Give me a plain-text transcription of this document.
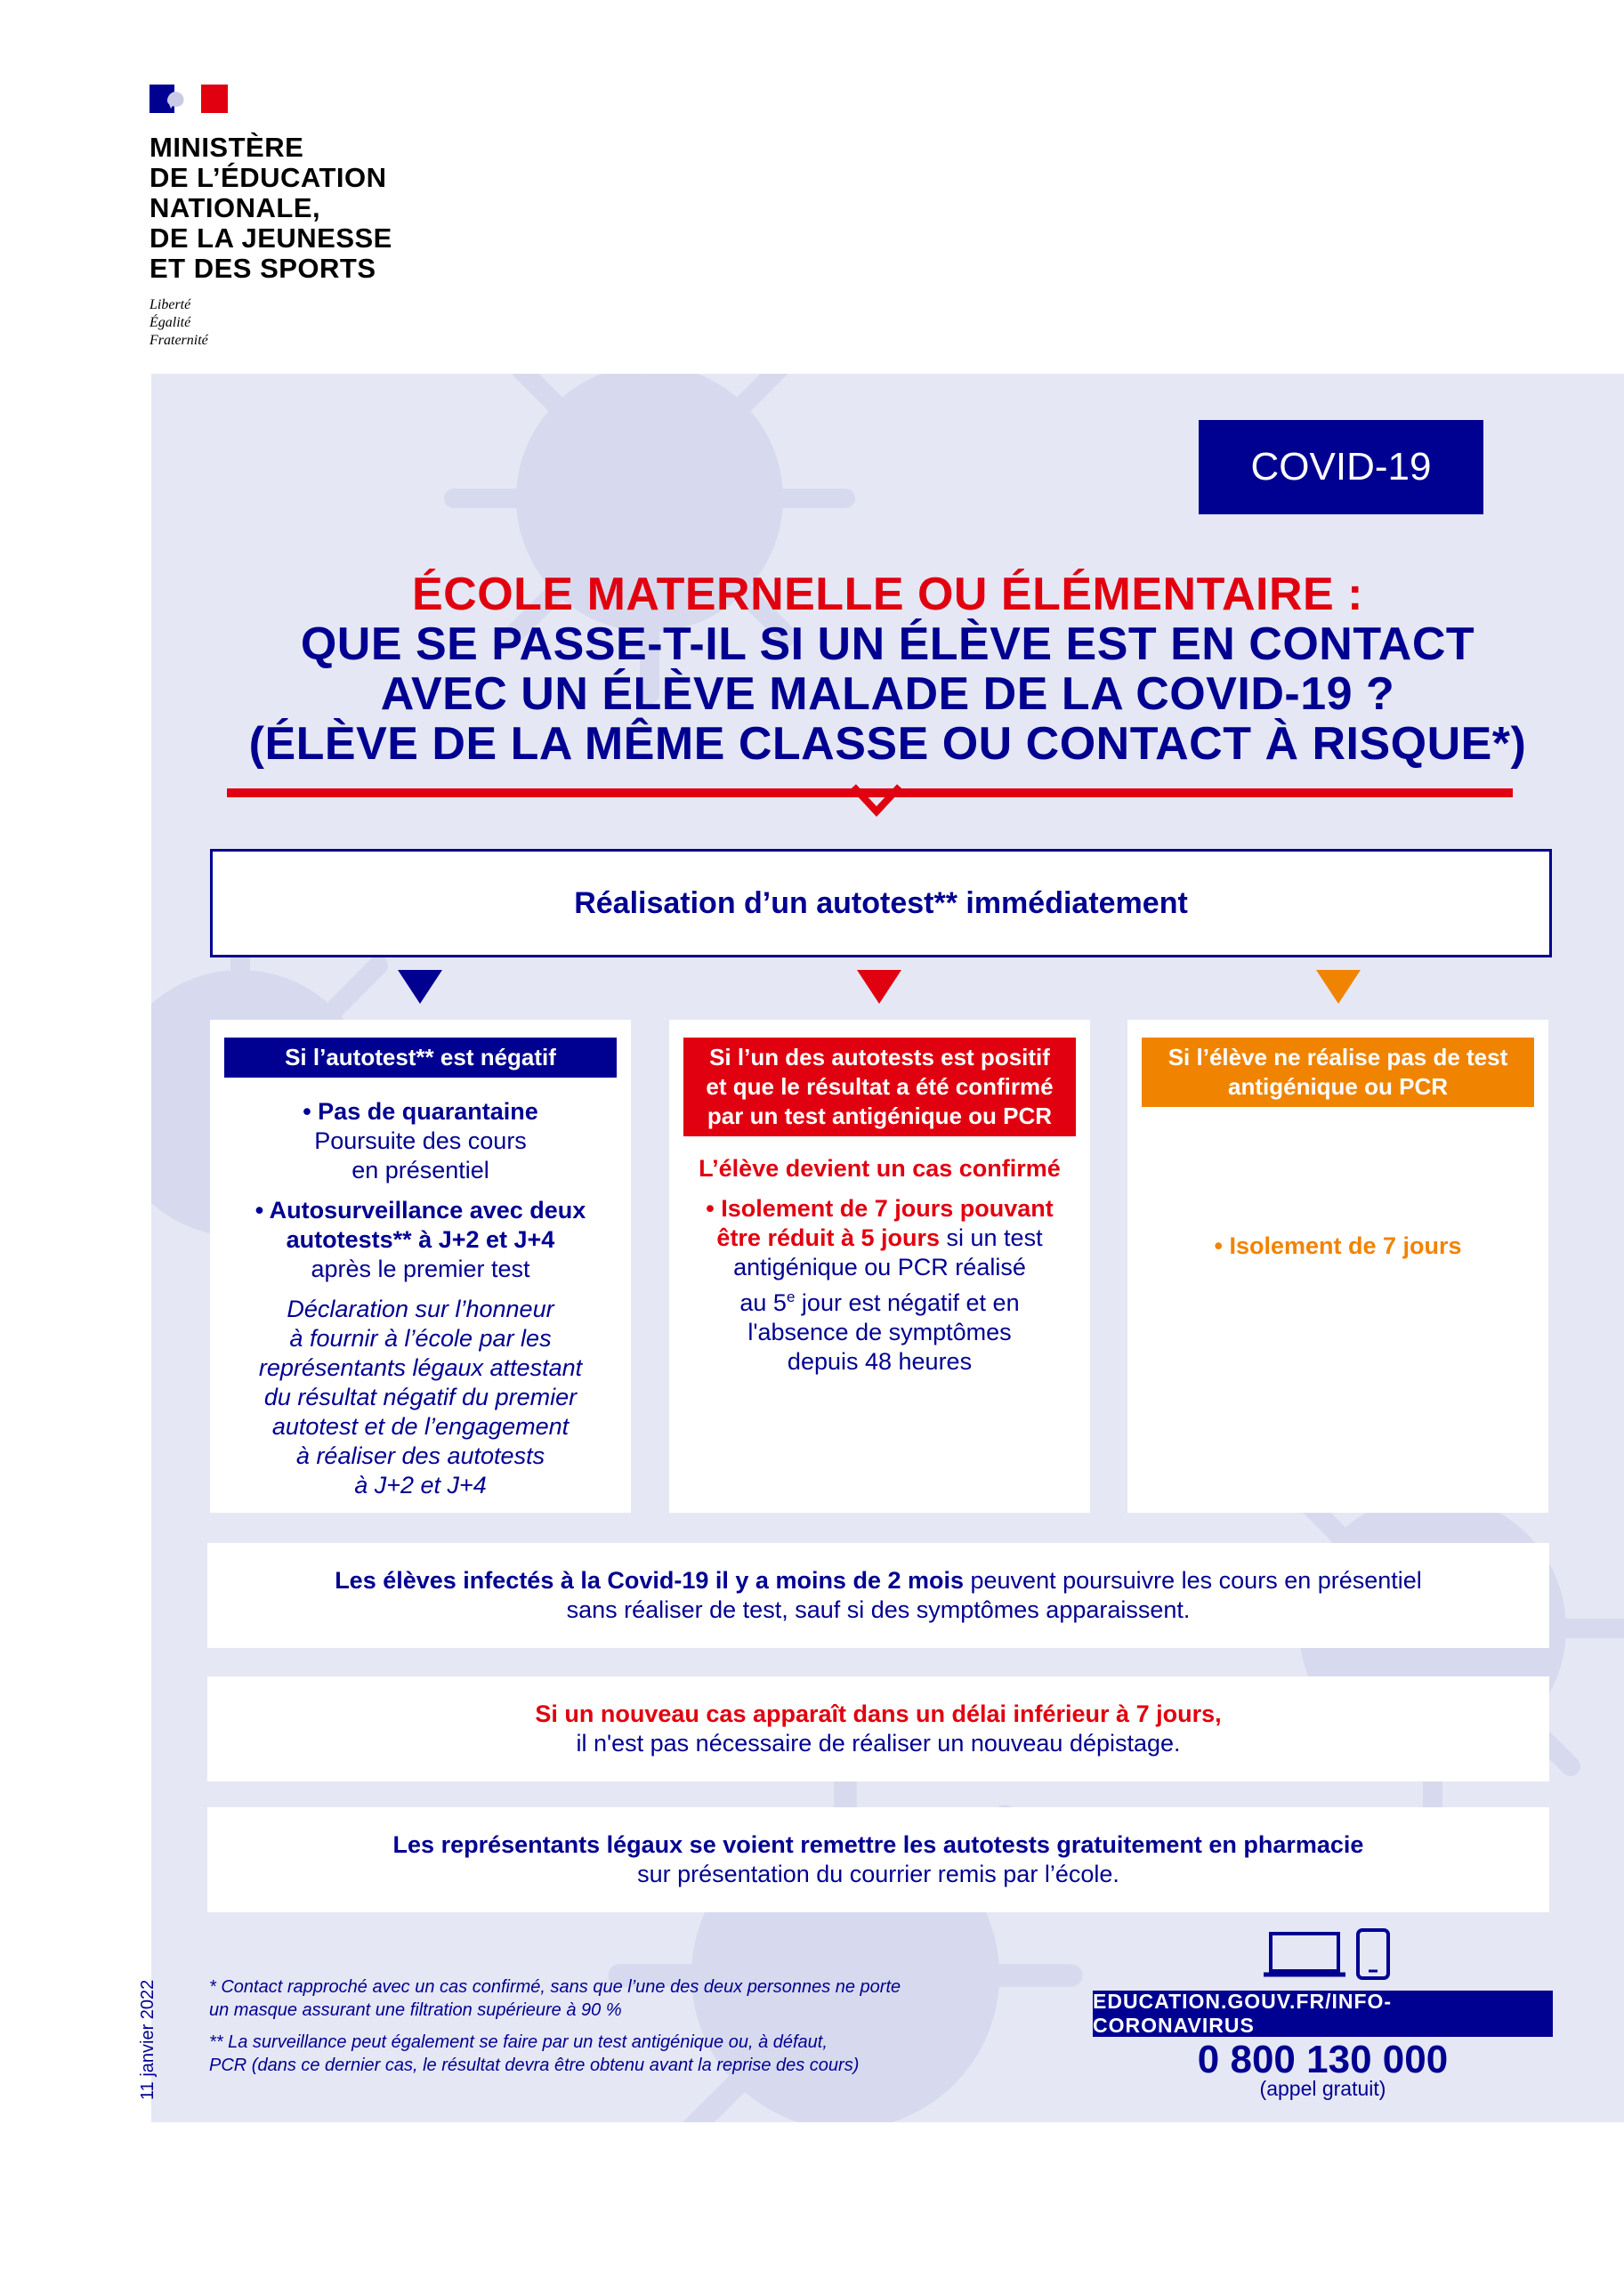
MINISTÈRE
DE L’ÉDUCATION
NATIONALE,
DE LA JEUNESSE
ET DES SPORTS
Liberté
Égalité
Fraternité
COVID-19
ÉCOLE MATERNELLE OU ÉLÉMENTAIRE :
QUE SE PASSE-T-IL SI UN ÉLÈVE EST EN CONTACT
AVEC UN ÉLÈVE MALADE DE LA COVID-19 ?
(ÉLÈVE DE LA MÊME CLASSE OU CONTACT À RISQUE*)
Réalisation d’un autotest** immédiatement
Si l’autotest** est négatif
• Pas de quarantaine
Poursuite des cours
en présentiel
• Autosurveillance avec deux
autotests** à J+2 et J+4
après le premier test
Déclaration sur l’honneur
à fournir à l’école par les
représentants légaux attestant
du résultat négatif du premier
autotest et de l’engagement
à réaliser des autotests
à J+2 et J+4
Si l’un des autotests est positif
et que le résultat a été confirmé
par un test antigénique ou PCR
L’élève devient un cas confirmé
• Isolement de 7 jours pouvant
être réduit à 5 jours si un test
antigénique ou PCR réalisé
au 5e jour est négatif et en
l'absence de symptômes
depuis 48 heures
Si l’élève ne réalise pas de test
antigénique ou PCR
• Isolement de 7 jours
Les élèves infectés à la Covid-19 il y a moins de 2 mois peuvent poursuivre les cours en présentiel
sans réaliser de test, sauf si des symptômes apparaissent.
Si un nouveau cas apparaît dans un délai inférieur à 7 jours,
il n'est pas nécessaire de réaliser un nouveau dépistage.
Les représentants légaux se voient remettre les autotests gratuitement en pharmacie
sur présentation du courrier remis par l’école.

* Contact rapproché avec un cas confirmé, sans que l’une des deux personnes ne porte
un masque assurant une filtration supérieure à 90 %

** La surveillance peut également se faire par un test antigénique ou, à défaut,
PCR (dans ce dernier cas, le résultat devra être obtenu avant la reprise des cours)

EDUCATION.GOUV.FR/INFO-CORONAVIRUS
0 800 130 000
(appel gratuit)
11 janvier 2022
